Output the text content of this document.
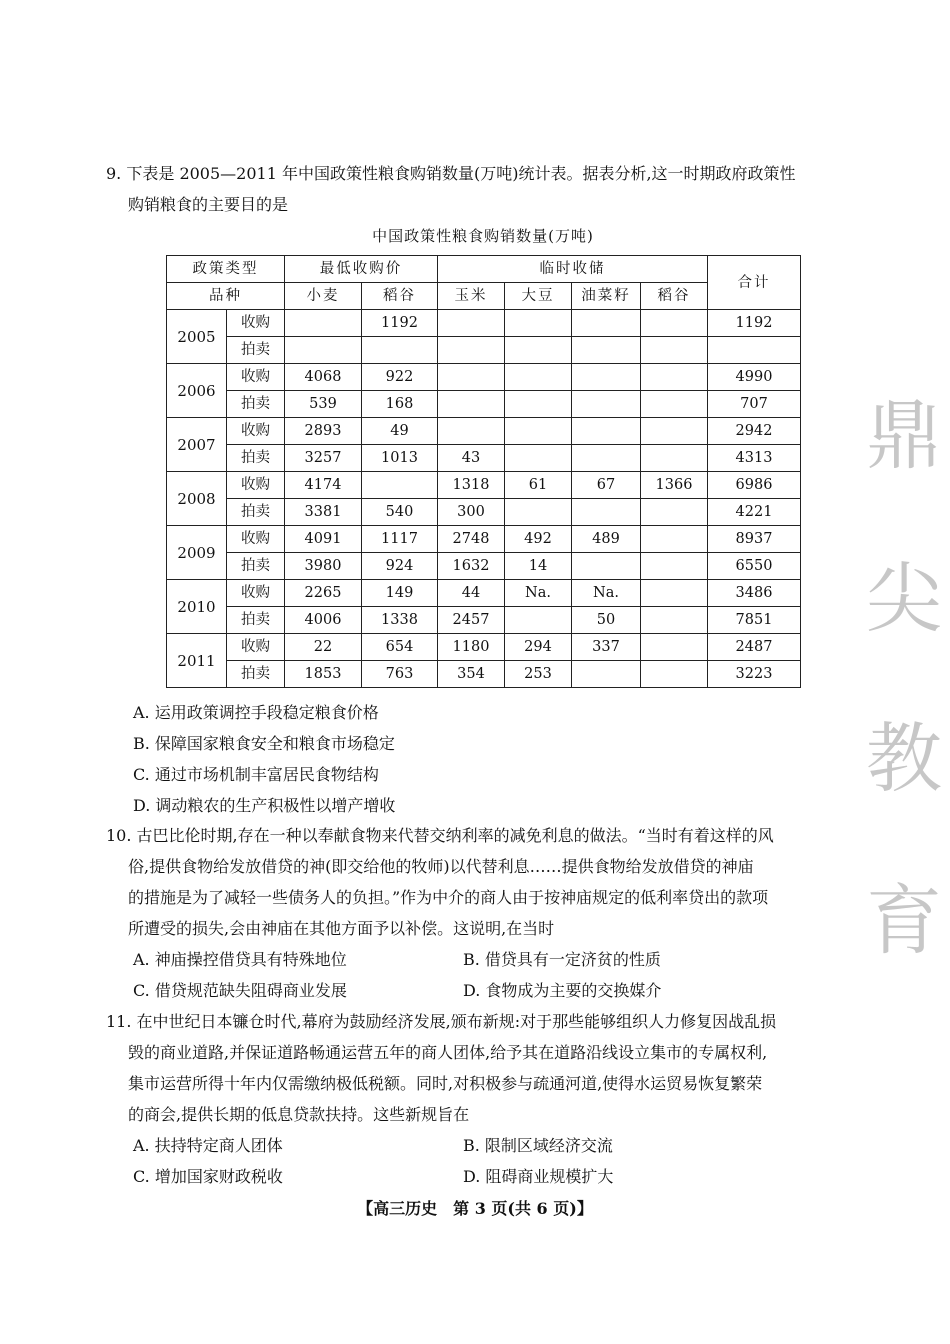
9. 下表是 2005—2011 年中国政策性粮食购销数量(万吨)统计表。据表分析,这一时期政府政策性
购销粮食的主要目的是
中国政策性粮食购销数量(万吨)
政策类型		最低收购价		临时收储				合计
品种		小麦	稻谷	玉米	大豆	油菜籽	稻谷	
2005	收购		1192					1192
	拍卖							
2006	收购	4068	922					4990
	拍卖	539	168					707
2007	收购	2893	49					2942
	拍卖	3257	1013	43				4313
2008	收购	4174		1318	61	67	1366	6986
	拍卖	3381	540	300				4221
2009	收购	4091	1117	2748	492	489		8937
	拍卖	3980	924	1632	14			6550
2010	收购	2265	149	44	Na.	Na.		3486
	拍卖	4006	1338	2457		50		7851
2011	收购	22	654	1180	294	337		2487
	拍卖	1853	763	354	253			3223
A. 运用政策调控手段稳定粮食价格
B. 保障国家粮食安全和粮食市场稳定
C. 通过市场机制丰富居民食物结构
D. 调动粮农的生产积极性以增产增收
10. 古巴比伦时期,存在一种以奉献食物来代替交纳利率的减免利息的做法。“当时有着这样的风
俗,提供食物给发放借贷的神(即交给他的牧师)以代替利息……提供食物给发放借贷的神庙
的措施是为了减轻一些债务人的负担。”作为中介的商人由于按神庙规定的低利率贷出的款项
所遭受的损失,会由神庙在其他方面予以补偿。这说明,在当时
A. 神庙操控借贷具有特殊地位	B. 借贷具有一定济贫的性质
C. 借贷规范缺失阻碍商业发展	D. 食物成为主要的交换媒介
11. 在中世纪日本镰仓时代,幕府为鼓励经济发展,颁布新规:对于那些能够组织人力修复因战乱损
毁的商业道路,并保证道路畅通运营五年的商人团体,给予其在道路沿线设立集市的专属权利,
集市运营所得十年内仅需缴纳极低税额。同时,对积极参与疏通河道,使得水运贸易恢复繁荣
的商会,提供长期的低息贷款扶持。这些新规旨在
A. 扶持特定商人团体	B. 限制区域经济交流
C. 增加国家财政税收	D. 阻碍商业规模扩大
鼎
尖
教
育
【高三历史　第 3 页(共 6 页)】
